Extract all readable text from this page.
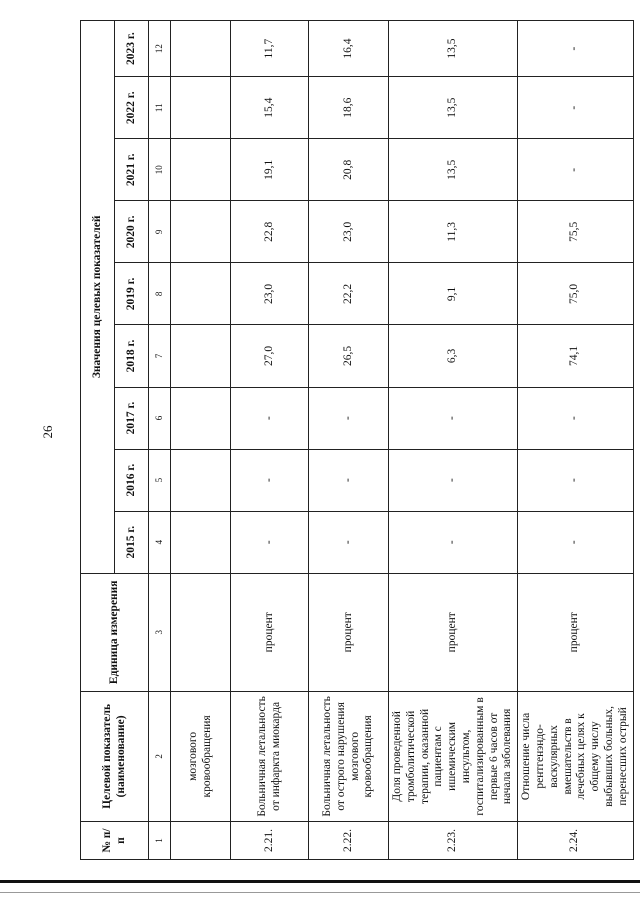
26
№ п/п	Целевой показатель (наименование)	Единица измерения	Значения целевых показателей								
			2015 г.	2016 г.	2017 г.	2018 г.	2019 г.	2020 г.	2021 г.	2022 г.	2023 г.
1	2	3	4	5	6	7	8	9	10	11	12
	мозгового кровообращения										
2.21.	Больничная летальность от инфаркта миокарда	процент	-	-	-	27,0	23,0	22,8	19,1	15,4	11,7
2.22.	Больничная летальность от острого нарушения мозгового кровообращения	процент	-	-	-	26,5	22,2	23,0	20,8	18,6	16,4
2.23.	Доля проведенной тромболитической терапии, оказанной пациентам с ишемическим инсультом, госпитализированным в первые 6 часов от начала заболевания	процент	-	-	-	6,3	9,1	11,3	13,5	13,5	13,5
2.24.	Отношение числа рентгенэндо-васкулярных вмешательств в лечебных целях к общему числу выбывших больных, перенесших острый	процент	-	-	-	74,1	75,0	75,5	-	-	-
